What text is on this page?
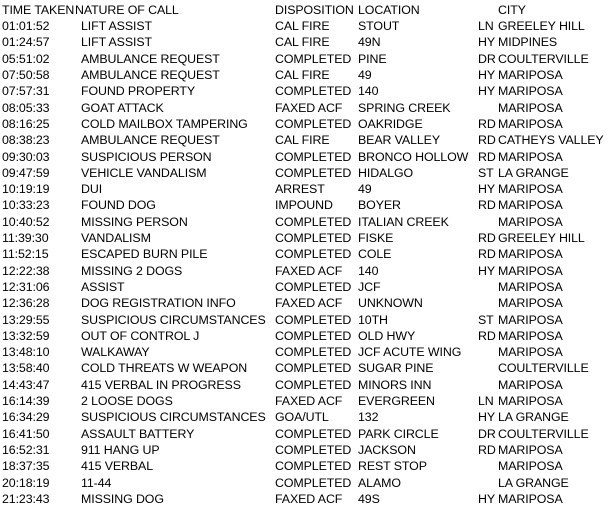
TIME TAKEN NATURE OF CALL	DISPOSITION LOCATION	CITY
01:01:52	LIFT ASSIST	CAL FIRE STOUT	LN GREELEY HILL
01:24:57	LIFT ASSIST	CAL FIRE 49N	HY MIDPINES
05:51:02	AMBULANCE REQUEST	COMPLETED PINE	DR COULTERVILLE
07:50:58	AMBULANCE REQUEST	CAL FIRE 49	HY MARIPOSA
07:57:31	FOUND PROPERTY	COMPLETED 140	HY MARIPOSA
08:05:33	GOAT ATTACK	FAXED ACF SPRING CREEK	MARIPOSA
08:16:25	COLD MAILBOX TAMPERING COMPLETED OAKRIDGE	RD MARIPOSA
08:38:23	AMBULANCE REQUEST	CAL FIRE BEAR VALLEY	RD CATHEYS VALLEY
09:30:03	SUSPICIOUS PERSON	COMPLETED BRONCO HOLLOW RD MARIPOSA
09:47:59	VEHICLE VANDALISM	COMPLETED HIDALGO	ST LA GRANGE
10:19:19	DUI	ARREST	49	HY MARIPOSA
10:33:23	FOUND DOG	IMPOUND BOYER	RD MARIPOSA
10:40:52	MISSING PERSON	COMPLETED ITALIAN CREEK	MARIPOSA
11:39:30	VANDALISM	COMPLETED FISKE	RD GREELEY HILL
11:52:15	ESCAPED BURN PILE	COMPLETED COLE	RD MARIPOSA
12:22:38	MISSING 2 DOGS	FAXED ACF 140	HY MARIPOSA
12:31:06	ASSIST	COMPLETED JCF	MARIPOSA
12:36:28	DOG REGISTRATION INFO	FAXED ACF UNKNOWN	MARIPOSA
13:29:55	SUSPICIOUS CIRCUMSTANCES COMPLETED 10TH	ST MARIPOSA
13:32:59	OUT OF CONTROL J	COMPLETED OLD HWY	RD MARIPOSA
13:48:10	WALKAWAY	COMPLETED JCF ACUTE WING	MARIPOSA
13:58:40	COLD THREATS W WEAPON COMPLETED SUGAR PINE	COULTERVILLE
14:43:47	415 VERBAL IN PROGRESS	COMPLETED MINORS INN	MARIPOSA
16:14:39	2 LOOSE DOGS	FAXED ACF EVERGREEN	LN MARIPOSA
16:34:29	SUSPICIOUS CIRCUMSTANCES GOA/UTL 132	HY LA GRANGE
16:41:50	ASSAULT BATTERY	COMPLETED PARK CIRCLE	DR COULTERVILLE
16:52:31	911 HANG UP	COMPLETED JACKSON	RD MARIPOSA
18:37:35	415 VERBAL	COMPLETED REST STOP	MARIPOSA
20:18:19	11-44	COMPLETED ALAMO	LA GRANGE
21:23:43	MISSING DOG	FAXED ACF 49S	HY MARIPOSA
